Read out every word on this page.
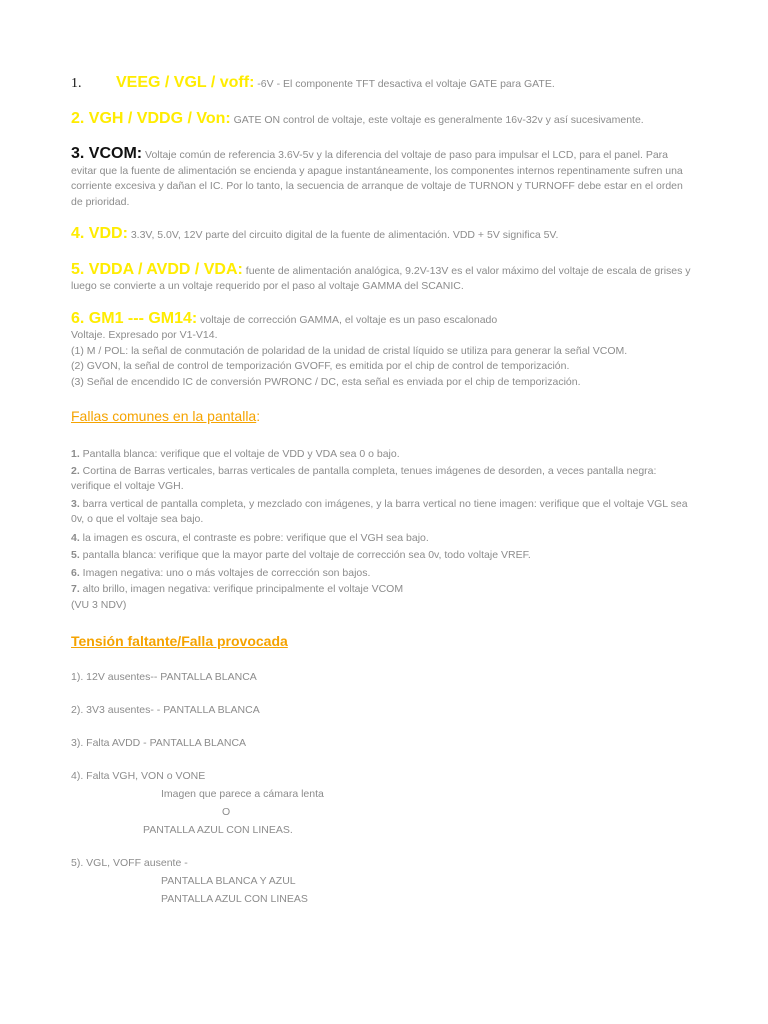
1. VEEG / VGL / voff: -6V - El componente TFT desactiva el voltaje GATE para GATE.

2. VGH / VDDG / Von: GATE ON control de voltaje, este voltaje es generalmente 16v-32v y así sucesivamente.

3. VCOM: Voltaje común de referencia 3.6V-5v y la diferencia del voltaje de paso para impulsar el LCD, para el panel. Para evitar que la fuente de alimentación se encienda y apague instantáneamente, los componentes internos repentinamente sufren una corriente excesiva y dañan el IC. Por lo tanto, la secuencia de arranque de voltaje de TURNON y TURNOFF debe estar en el orden de prioridad.

4. VDD: 3.3V, 5.0V, 12V parte del circuito digital de la fuente de alimentación. VDD + 5V significa 5V.

5. VDDA / AVDD / VDA: fuente de alimentación analógica, 9.2V-13V es el valor máximo del voltaje de escala de grises y luego se convierte a un voltaje requerido por el paso al voltaje GAMMA del SCANIC.

6. GM1 --- GM14: voltaje de corrección GAMMA, el voltaje es un paso escalonado

Voltaje. Expresado por V1-V14.

(1) M / POL: la señal de conmutación de polaridad de la unidad de cristal líquido se utiliza para generar la señal VCOM.

(2) GVON, la señal de control de temporización GVOFF, es emitida por el chip de control de temporización.

(3) Señal de encendido IC de conversión PWRONC / DC, esta señal es enviada por el chip de temporización.

Fallas comunes en la pantalla:

1. Pantalla blanca: verifique que el voltaje de VDD y VDA sea 0 o bajo.

2. Cortina de Barras verticales, barras verticales de pantalla completa, tenues imágenes de desorden, a veces pantalla negra: verifique el voltaje VGH.

3. barra vertical de pantalla completa, y mezclado con imágenes, y la barra vertical no tiene imagen: verifique que el voltaje VGL sea 0v, o que el voltaje sea bajo.

4. la imagen es oscura, el contraste es pobre: verifique que el VGH sea bajo.

5. pantalla blanca: verifique que la mayor parte del voltaje de corrección sea 0v, todo voltaje VREF.

6. Imagen negativa: uno o más voltajes de corrección son bajos.

7. alto brillo, imagen negativa: verifique principalmente el voltaje VCOM

(VU 3 NDV)

Tensión faltante/Falla provocada

1). 12V ausentes-- PANTALLA BLANCA

2). 3V3 ausentes- - PANTALLA BLANCA

3). Falta AVDD - PANTALLA BLANCA

4). Falta VGH, VON o VONE

Imagen que parece a cámara lenta

O

PANTALLA AZUL CON LINEAS.

5). VGL, VOFF ausente -

PANTALLA BLANCA Y AZUL

PANTALLA AZUL CON LINEAS
